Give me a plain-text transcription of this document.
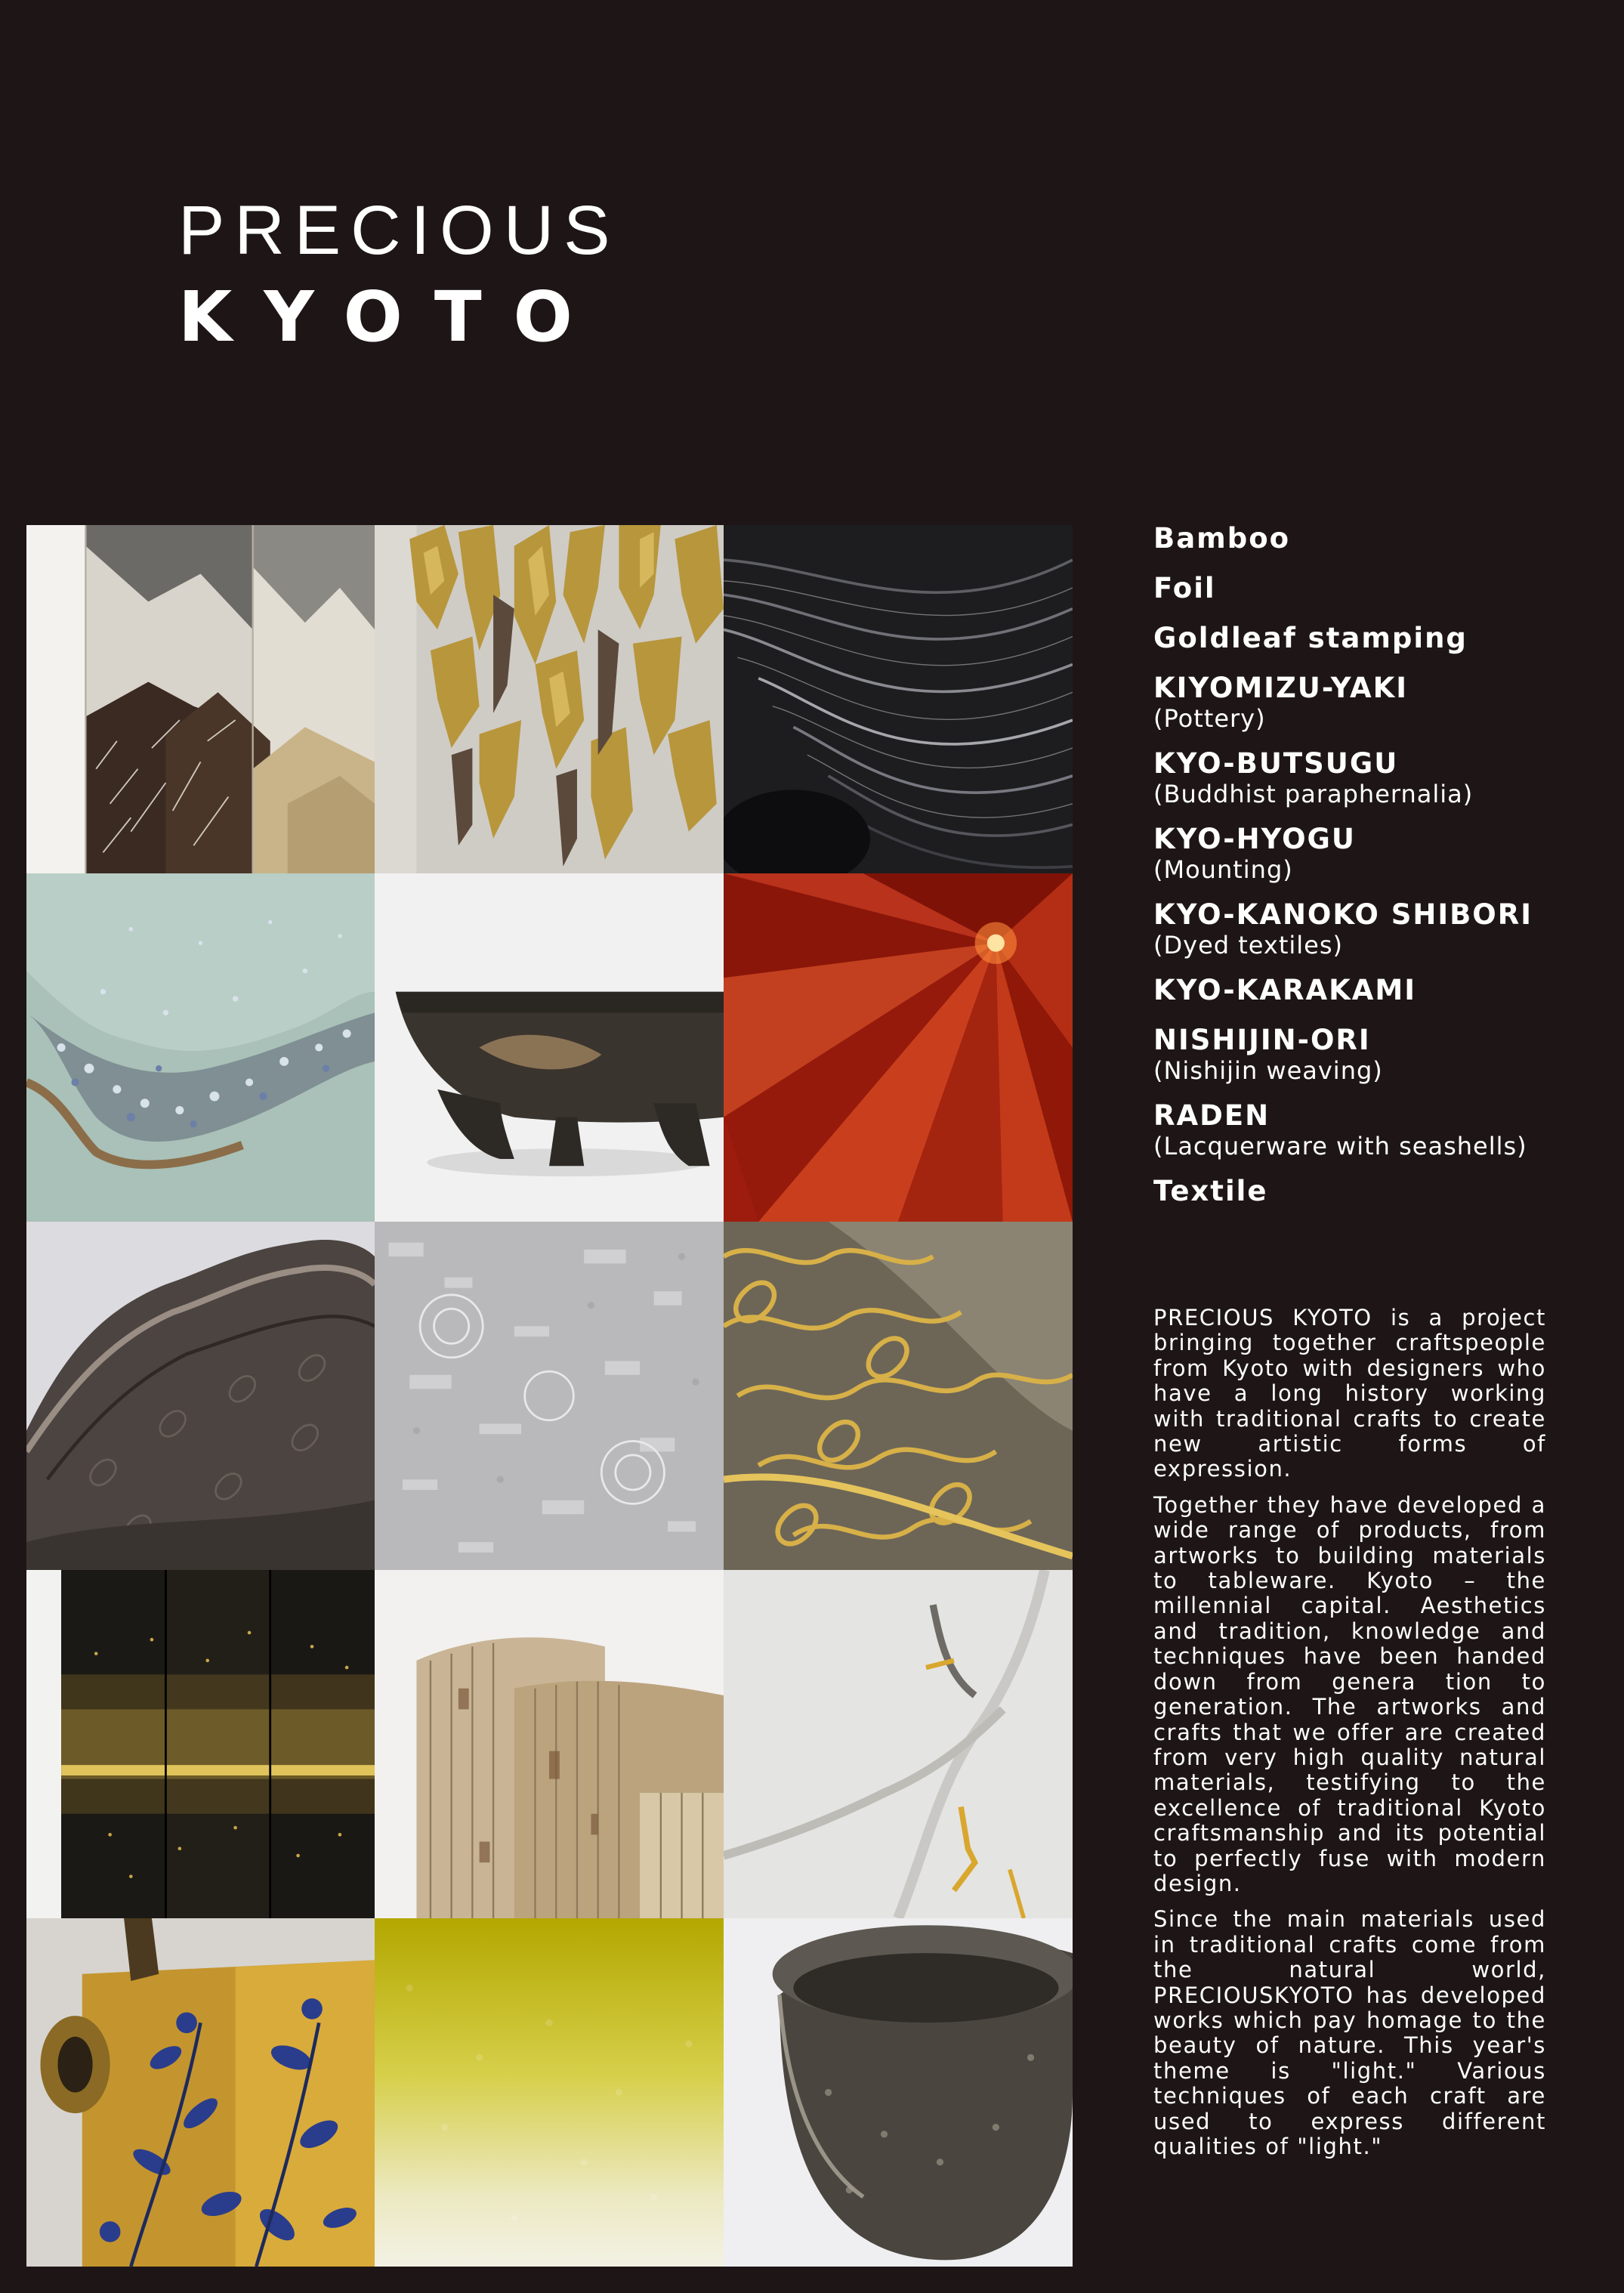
PRECIOUS
KYOTO
Bamboo
Foil
Goldleaf stamping
KIYOMIZU-YAKI
(Pottery)
KYO-BUTSUGU
(Buddhist paraphernalia)
KYO-HYOGU
(Mounting)
KYO-KANOKO SHIBORI
(Dyed textiles)
KYO-KARAKAMI
NISHIJIN-ORI
(Nishijin weaving)
RADEN
(Lacquerware with seashells)
Textile

PRECIOUS KYOTO is a project bringing together craftspeople from Kyoto with designers who have a long history working with traditional crafts to create new artistic forms of expression.

Together they have developed a wide range of products, from artworks to building materials to tableware. Kyoto – the millennial capital. Aesthetics and tradition, knowledge and techniques have been handed down from genera tion to generation. The artworks and crafts that we offer are created from very high quality natural materials, testifying to the excellence of traditional Kyoto craftsmanship and its potential to perfectly fuse with modern design.

Since the main materials used in traditional crafts come from the natural world, PRECIOUSKYOTO has developed works which pay homage to the beauty of nature. This year's theme is "light." Various techniques of each craft are used to express different qualities of "light."
